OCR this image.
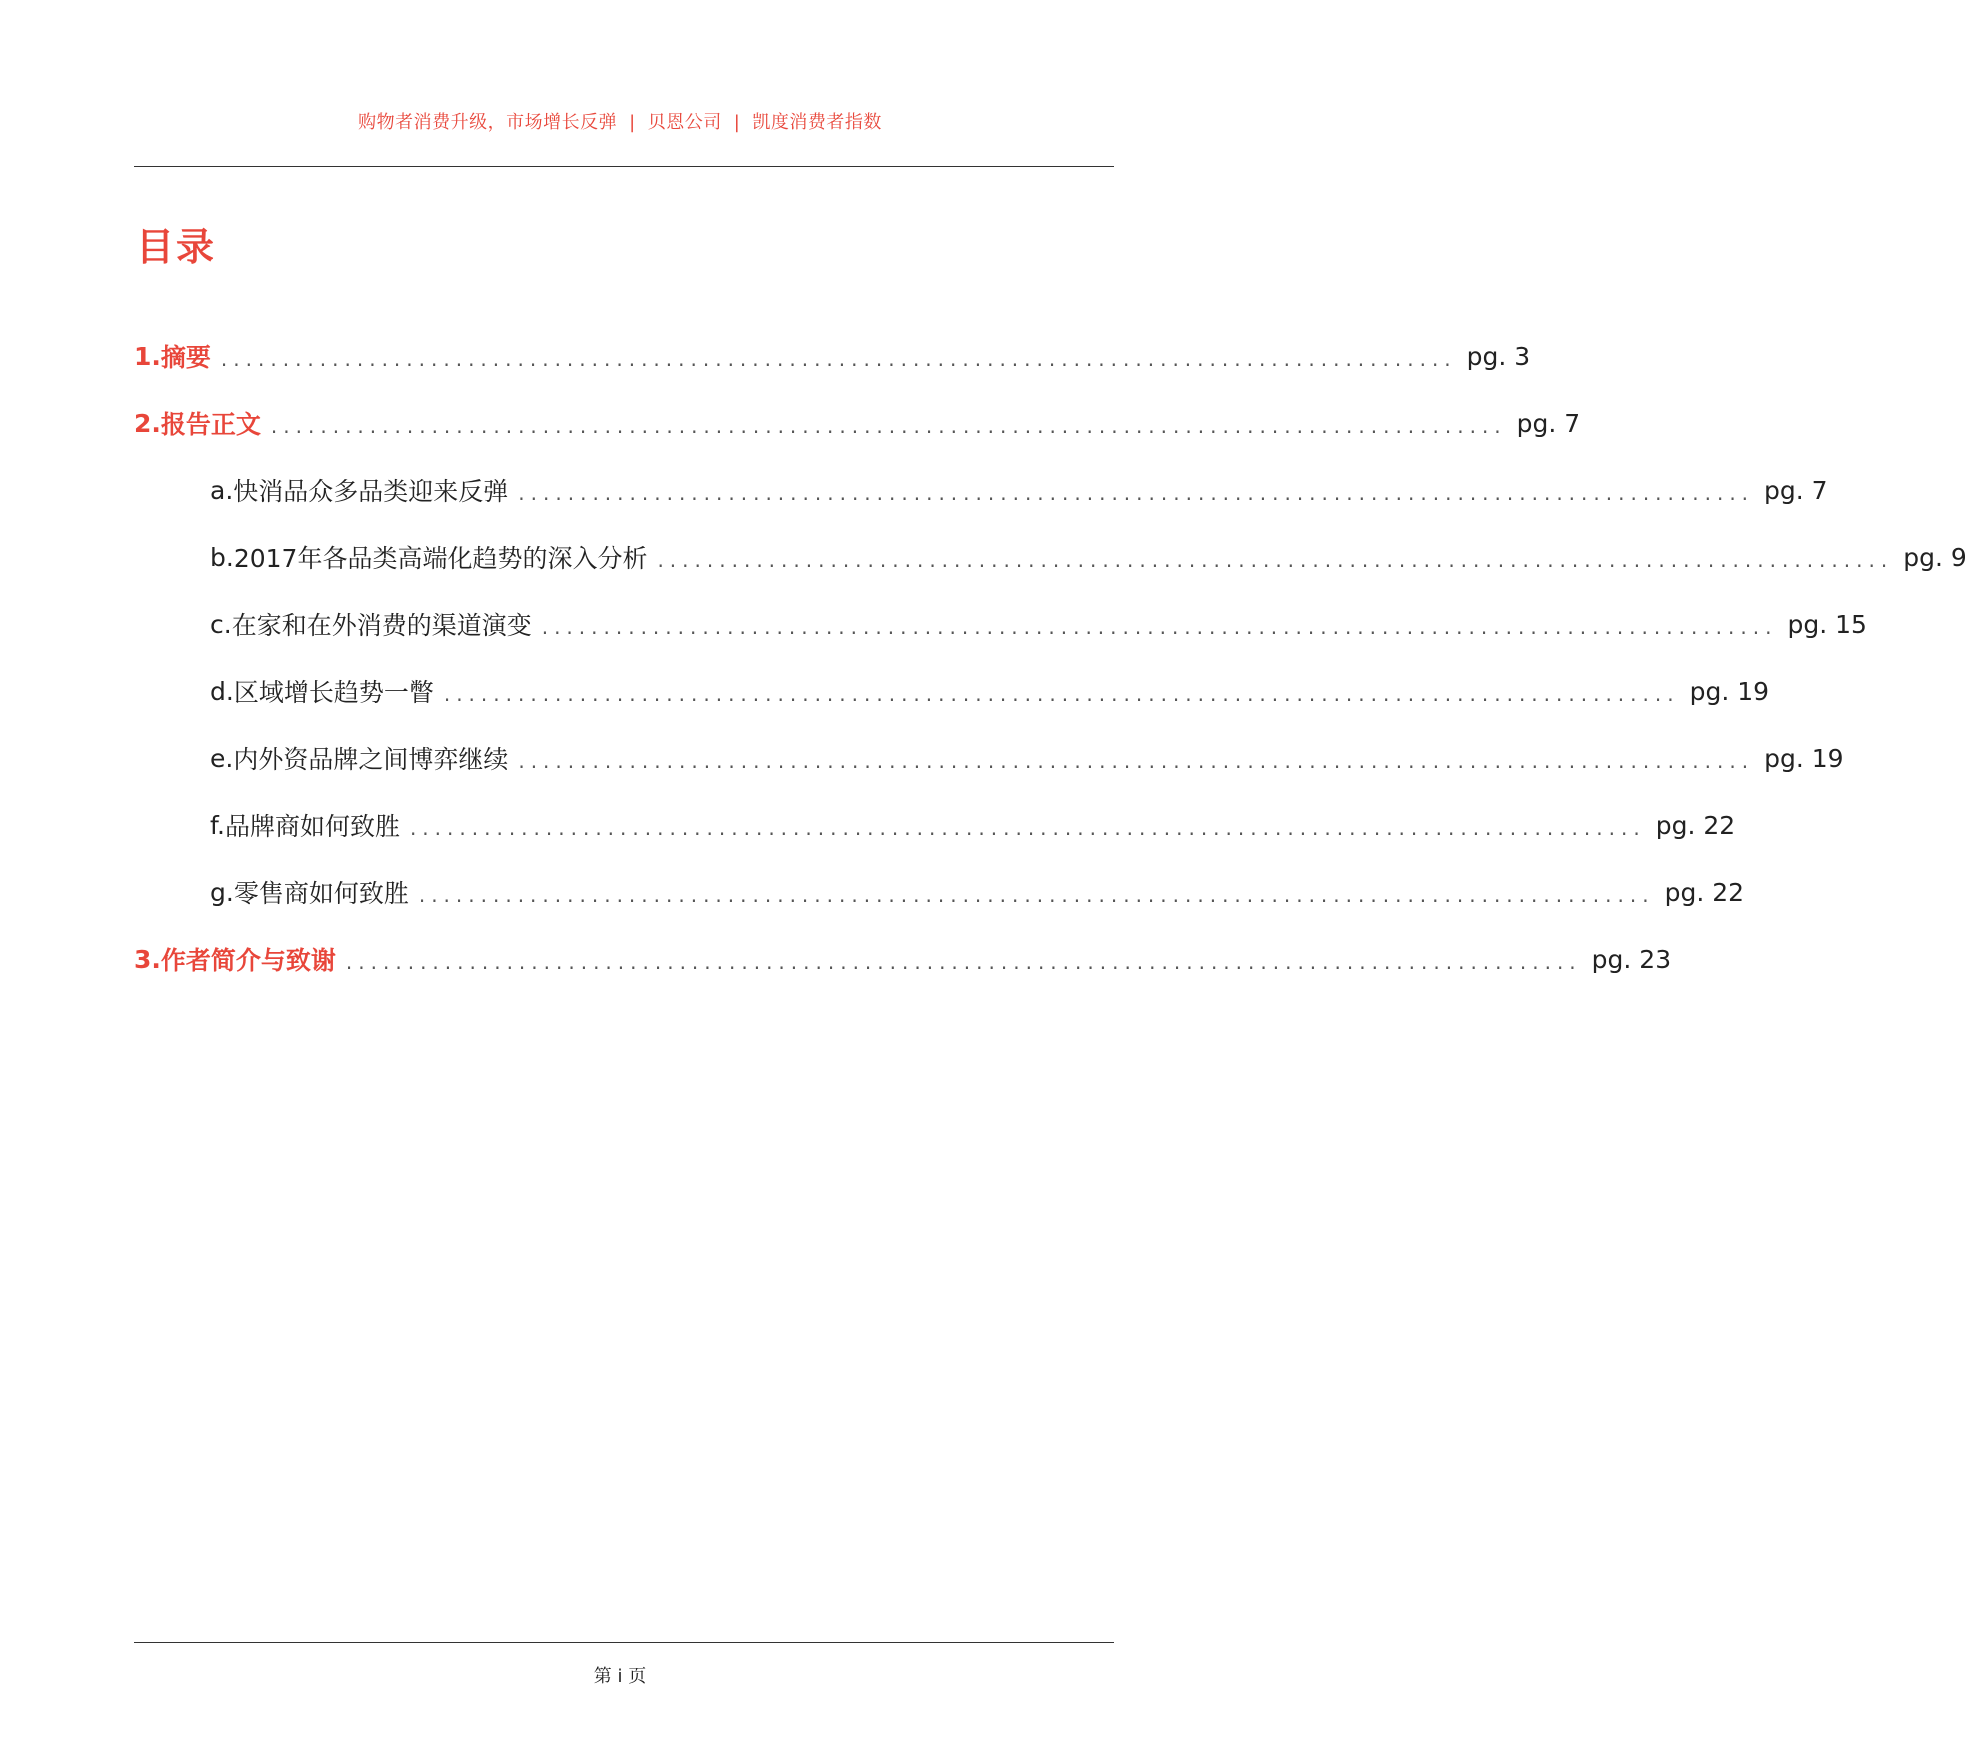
购物者消费升级，市场增长反弹 | 贝恩公司 | 凯度消费者指数
目录
1. 摘要 .................................................................................................... pg. 3
2. 报告正文 .................................................................................................... pg. 7
a. 快消品众多品类迎来反弹 .................................................................................................... pg. 7
b. 2017年各品类高端化趋势的深入分析 .................................................................................................... pg. 9
c. 在家和在外消费的渠道演变 .................................................................................................... pg. 15
d. 区域增长趋势一瞥 .................................................................................................... pg. 19
e. 内外资品牌之间博弈继续 .................................................................................................... pg. 19
f. 品牌商如何致胜 .................................................................................................... pg. 22
g. 零售商如何致胜 .................................................................................................... pg. 22
3. 作者简介与致谢 .................................................................................................... pg. 23
第 i 页
